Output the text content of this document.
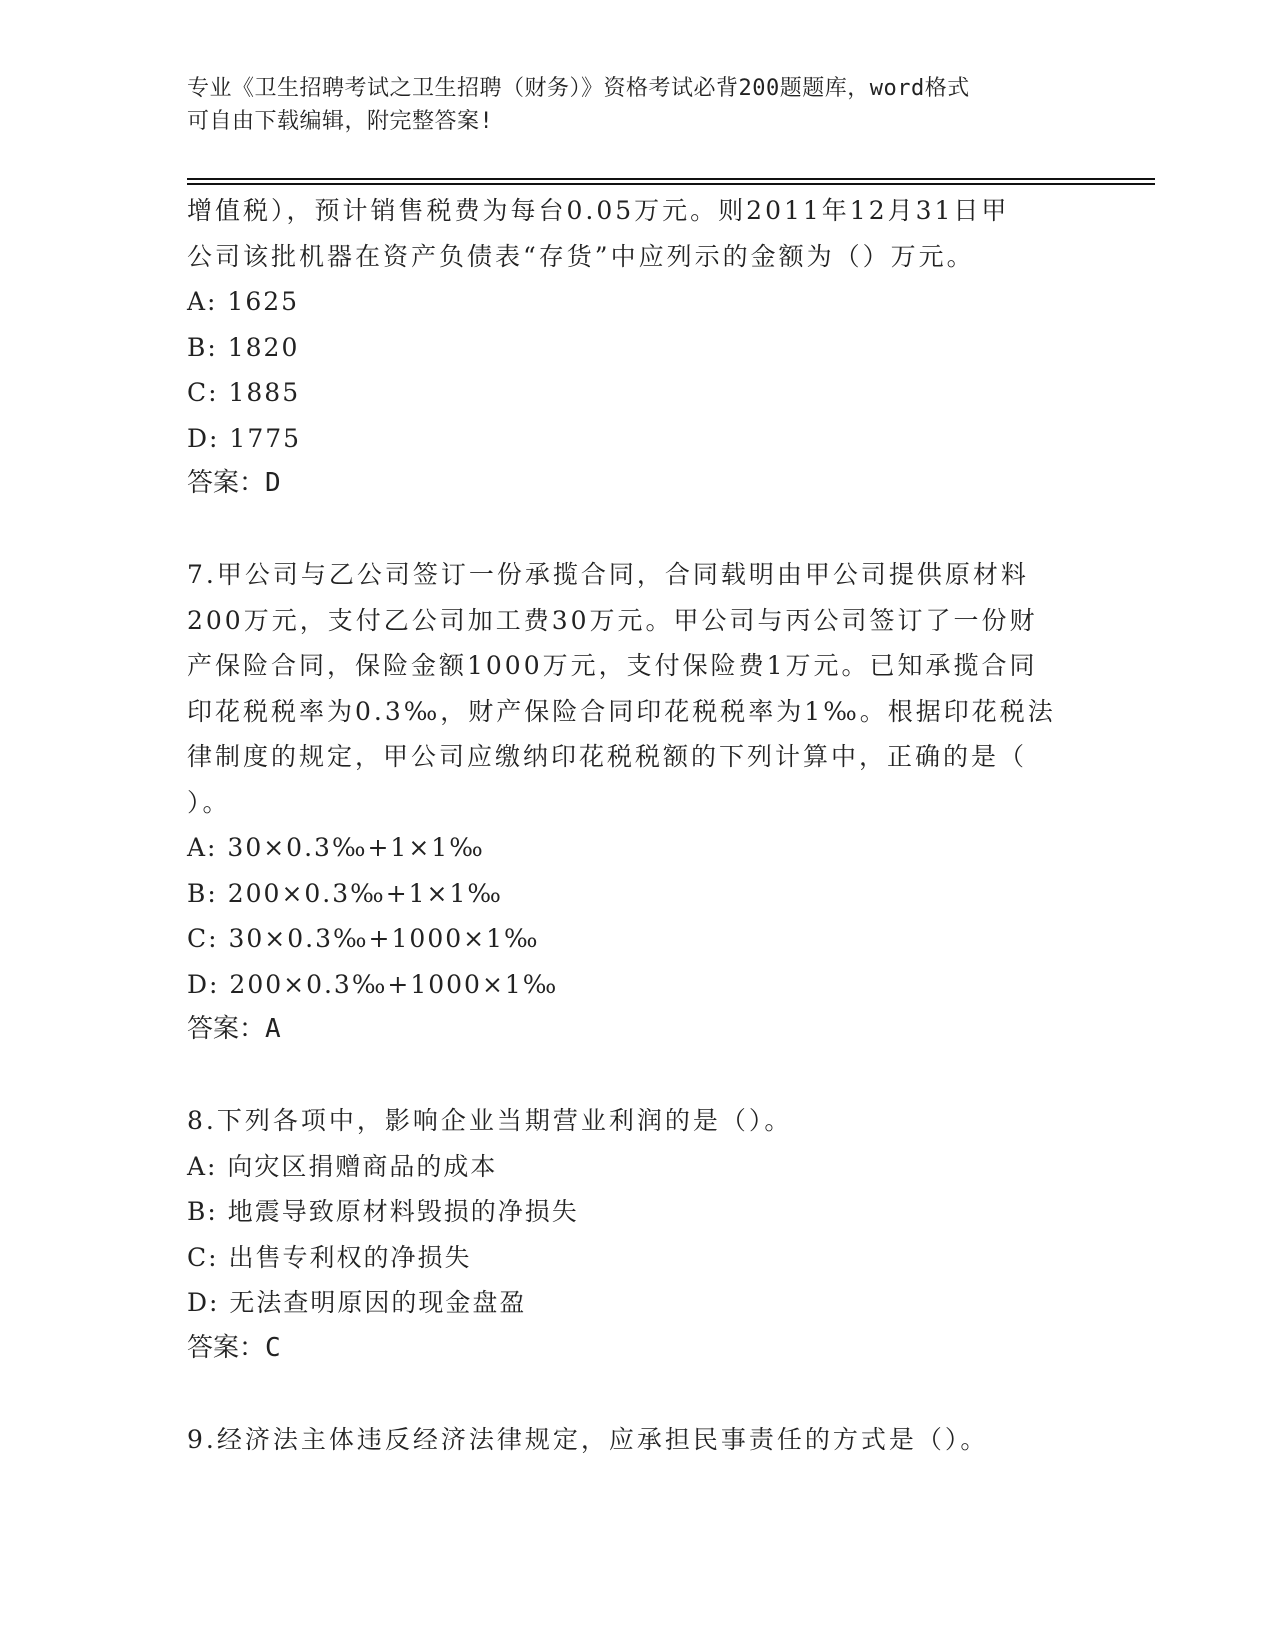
专业《卫生招聘考试之卫生招聘（财务）》资格考试必背200题题库，word格式
可自由下载编辑，附完整答案!
增值税），预计销售税费为每台0.05万元。则2011年12月31日甲
公司该批机器在资产负债表“存货”中应列示的金额为（）万元。
A: 1625
B: 1820
C: 1885
D: 1775
答案：D
7.甲公司与乙公司签订一份承揽合同，合同载明由甲公司提供原材料
200万元，支付乙公司加工费30万元。甲公司与丙公司签订了一份财
产保险合同，保险金额1000万元，支付保险费1万元。已知承揽合同
印花税税率为0.3‰，财产保险合同印花税税率为1‰。根据印花税法
律制度的规定，甲公司应缴纳印花税税额的下列计算中，正确的是（
）。
A: 30×0.3‰+1×1‰
B: 200×0.3‰+1×1‰
C: 30×0.3‰+1000×1‰
D: 200×0.3‰+1000×1‰
答案：A
8.下列各项中，影响企业当期营业利润的是（）。
A: 向灾区捐赠商品的成本
B: 地震导致原材料毁损的净损失
C: 出售专利权的净损失
D: 无法查明原因的现金盘盈
答案：C
9.经济法主体违反经济法律规定，应承担民事责任的方式是（）。
